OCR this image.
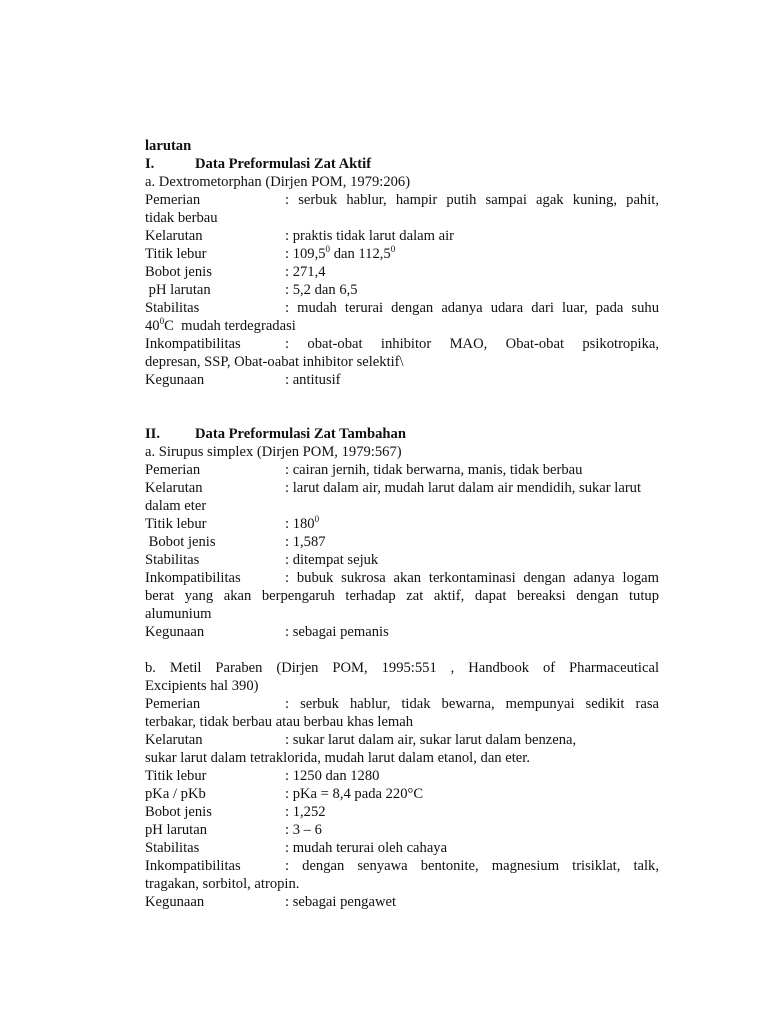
larutan
I.	Data Preformulasi Zat Aktif
a. Dextrometorphan (Dirjen POM, 1979:206)
Pemerian	: serbuk hablur, hampir putih sampai agak kuning, pahit,
tidak berbau
Kelarutan	: praktis tidak larut dalam air
Titik lebur	: 109,5$^0$ dan 112,5$^0$
Bobot jenis	: 271,4
pH larutan	: 5,2 dan 6,5
Stabilitas	: mudah terurai dengan adanya udara dari luar, pada suhu
$40^0C$  mudah terdegradasi
Inkompatibilitas	: obat-obat inhibitor MAO, Obat-obat psikotropika,
depresan, SSP, Obat-oabat inhibitor selektif\
Kegunaan	: antitusif
II. Data Preformulasi Zat Tambahan
a. Sirupus simplex (Dirjen POM, 1979:567)
Pemerian	: cairan jernih, tidak berwarna, manis, tidak berbau
Kelarutan	: larut dalam air, mudah larut dalam air mendidih, sukar larut
dalam eter
Titik lebur	: $180^0$
Bobot jenis	: 1,587
Stabilitas	: ditempat sejuk
Inkompatibilitas	: bubuk sukrosa akan terkontaminasi dengan adanya logam
berat yang akan berpengaruh terhadap zat aktif, dapat bereaksi dengan tutup
alumunium
Kegunaan	: sebagai pemanis
b. Metil Paraben (Dirjen POM, 1995:551 , Handbook of Pharmaceutical
Excipients hal 390)
Pemerian	: serbuk hablur, tidak bewarna, mempunyai sedikit rasa
terbakar, tidak berbau atau berbau khas lemah
Kelarutan	: sukar larut dalam air, sukar larut dalam benzena,
sukar larut dalam tetraklorida, mudah larut dalam etanol, dan eter.
Titik lebur	: 1250 dan 1280
pKa / pKb	: pKa = 8,4 pada 220°C
Bobot jenis	: 1,252
pH larutan	: 3 – 6
Stabilitas	: mudah terurai oleh cahaya
Inkompatibilitas	: dengan senyawa bentonite, magnesium trisiklat, talk,
tragakan, sorbitol, atropin.
Kegunaan	: sebagai pengawet
